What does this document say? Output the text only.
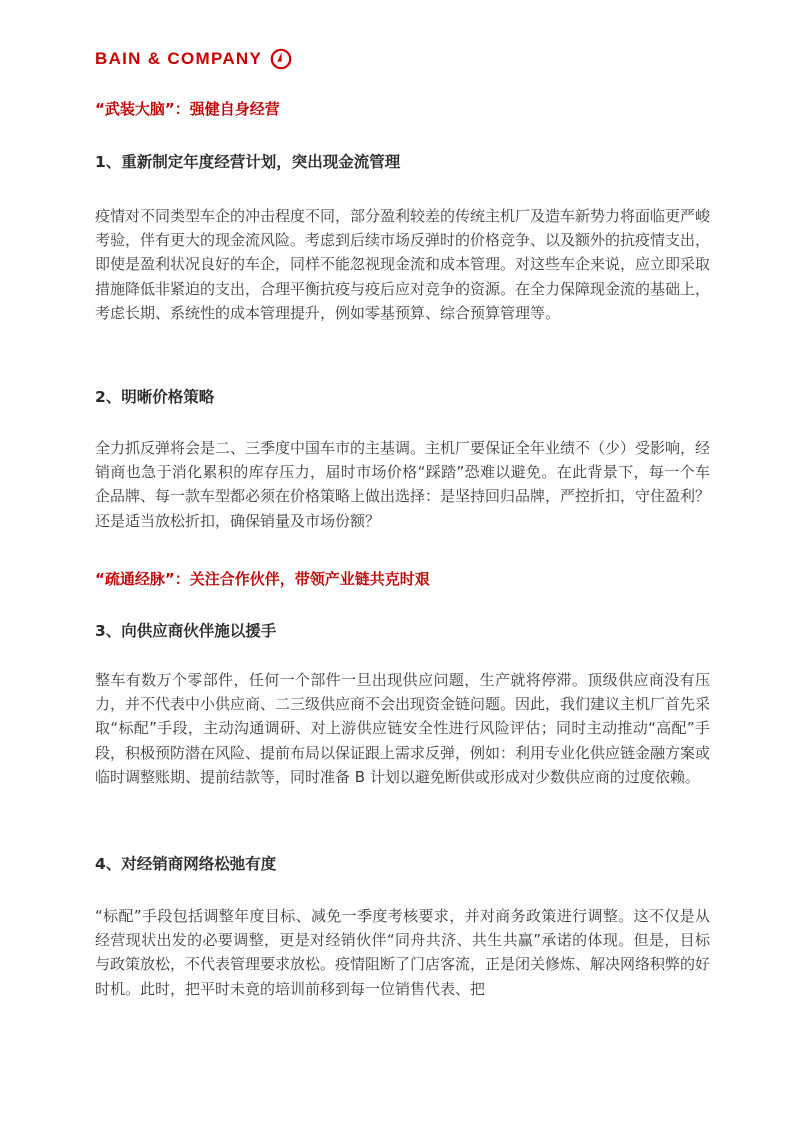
BAIN & COMPANY

“武装大脑”：强健自身经营

1、重新制定年度经营计划，突出现金流管理

疫情对不同类型车企的冲击程度不同，部分盈利较差的传统主机厂及造车新势力将面临更严峻考验，伴有更大的现金流风险。考虑到后续市场反弹时的价格竞争、以及额外的抗疫情支出，即使是盈利状况良好的车企，同样不能忽视现金流和成本管理。对这些车企来说，应立即采取措施降低非紧迫的支出，合理平衡抗疫与疫后应对竞争的资源。在全力保障现金流的基础上，考虑长期、系统性的成本管理提升，例如零基预算、综合预算管理等。

2、明晰价格策略

全力抓反弹将会是二、三季度中国车市的主基调。主机厂要保证全年业绩不（少）受影响，经销商也急于消化累积的库存压力，届时市场价格“踩踏”恐难以避免。在此背景下，每一个车企品牌、每一款车型都必须在价格策略上做出选择：是坚持回归品牌，严控折扣，守住盈利？还是适当放松折扣，确保销量及市场份额？

“疏通经脉”：关注合作伙伴，带领产业链共克时艰

3、向供应商伙伴施以援手

整车有数万个零部件，任何一个部件一旦出现供应问题，生产就将停滞。顶级供应商没有压力，并不代表中小供应商、二三级供应商不会出现资金链问题。因此，我们建议主机厂首先采取“标配”手段，主动沟通调研、对上游供应链安全性进行风险评估；同时主动推动“高配”手段，积极预防潜在风险、提前布局以保证跟上需求反弹，例如：利用专业化供应链金融方案或临时调整账期、提前结款等，同时准备 B 计划以避免断供或形成对少数供应商的过度依赖。

4、对经销商网络松弛有度

“标配”手段包括调整年度目标、减免一季度考核要求，并对商务政策进行调整。这不仅是从经营现状出发的必要调整，更是对经销伙伴“同舟共济、共生共赢”承诺的体现。但是，目标与政策放松，不代表管理要求放松。疫情阻断了门店客流，正是闭关修炼、解决网络积弊的好时机。此时，把平时未竟的培训前移到每一位销售代表、把
